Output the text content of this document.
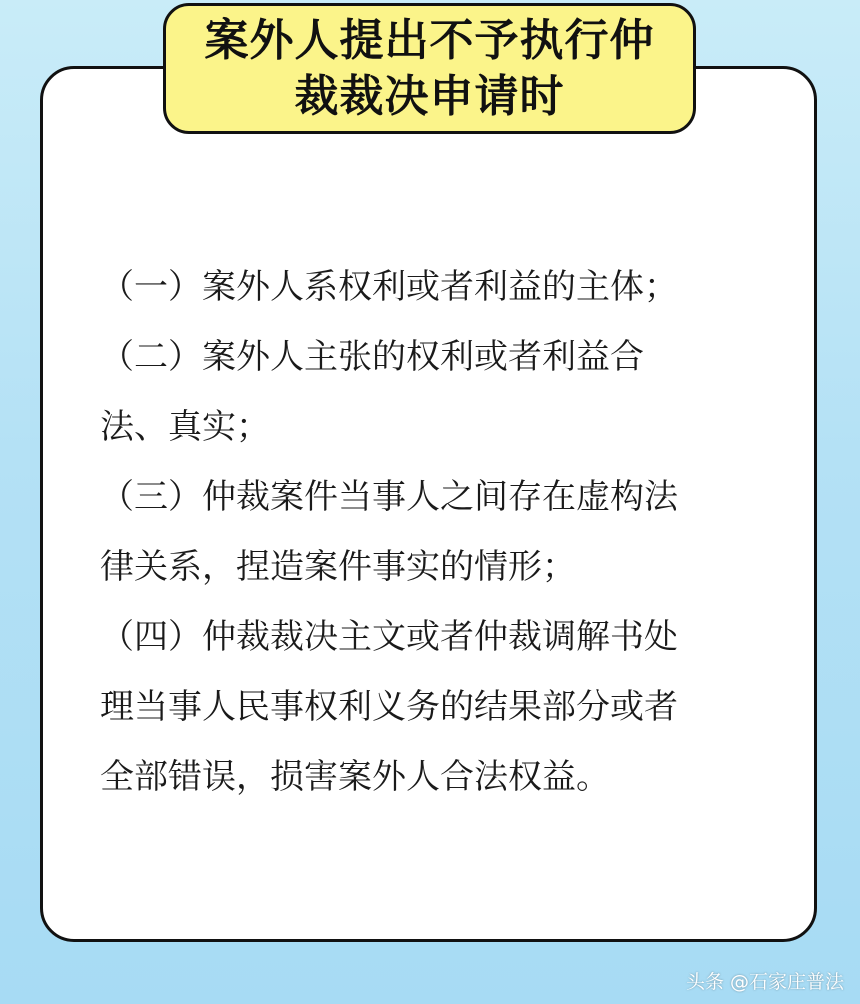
案外人提出不予执行仲
裁裁决申请时
（一）案外人系权利或者利益的主体；
（二）案外人主张的权利或者利益合
法、真实；
（三）仲裁案件当事人之间存在虚构法
律关系，捏造案件事实的情形；
（四）仲裁裁决主文或者仲裁调解书处
理当事人民事权利义务的结果部分或者
全部错误，损害案外人合法权益。
头条 @石家庄普法
